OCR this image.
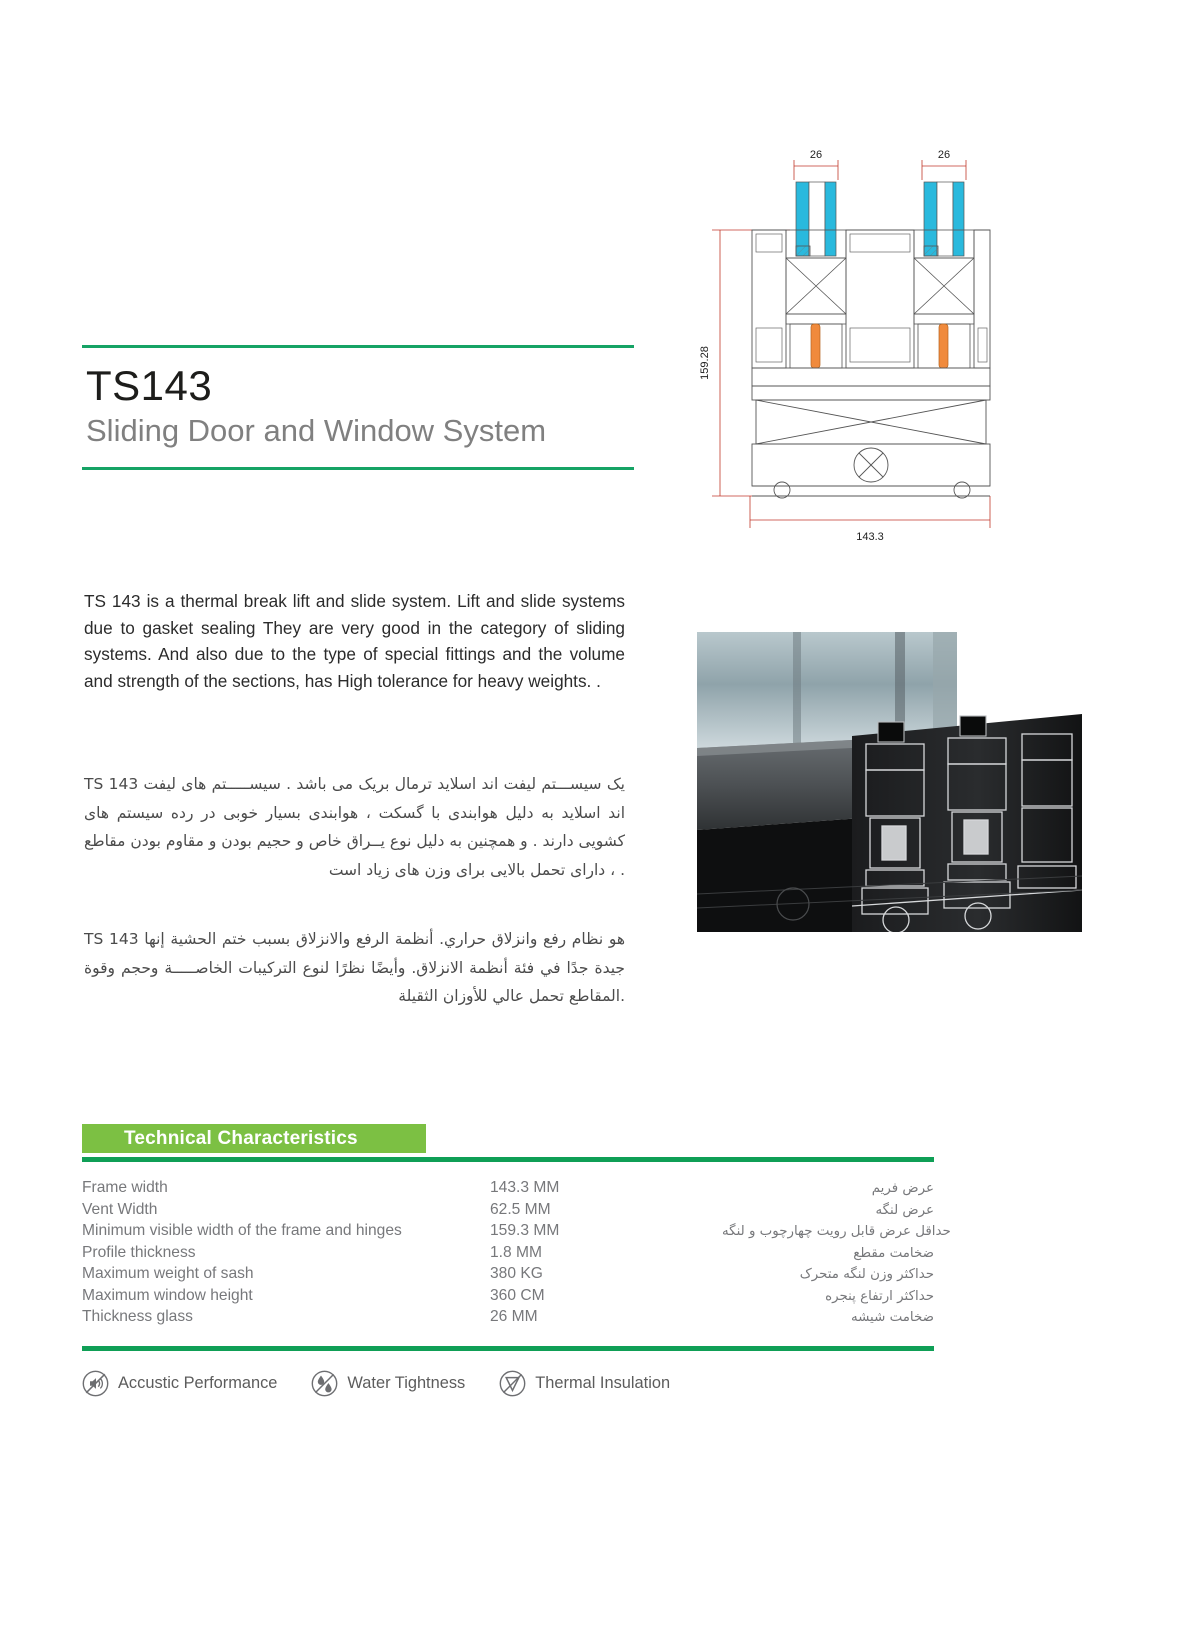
TS143
Sliding Door and Window System
TS 143 is a thermal break lift and slide system. Lift and slide systems due to gasket sealing They are very good in the category of sliding systems. And also due to the type of special fittings and the volume and strength of the sections, has High tolerance for heavy weights. .
TS 143 یک سیســـتم لیفت اند اسلاید ترمال بریک می باشد . سیســـــتم های لیفت اند اسلاید به دلیل هوابندی با گسکت ، هوابندی بسیار خوبی در رده سیستم های کشویی دارند . و همچنین به دلیل نوع یــراق خاص و حجیم بودن و مقاوم بودن مقاطع ، دارای تحمل بالایی برای وزن های زیاد است .
TS 143 هو نظام رفع وانزلاق حراري. أنظمة الرفع والانزلاق بسبب ختم الحشية إنها جيدة جدًا في فئة أنظمة الانزلاق. وأيضًا نظرًا لنوع التركيبات الخاصـــــة وحجم وقوة المقاطع تحمل عالي للأوزان الثقيلة.
Technical Characteristics
Frame width	143.3 MM	عرض فریم
Vent Width	62.5 MM	عرض لنگه
Minimum visible width of the frame and hinges	159.3 MM	حداقل عرض قابل رویت چهارچوب و لنگه
Profile thickness	1.8 MM	ضخامت مقطع
Maximum weight of sash	380 KG	حداکثر وزن لنگه متحرک
Maximum window height	360 CM	حداکثر ارتفاع پنجره
Thickness glass	26 MM	ضخامت شیشه
Accustic Performance	Water Tightness	Thermal Insulation
26	26
159.28
143.3
